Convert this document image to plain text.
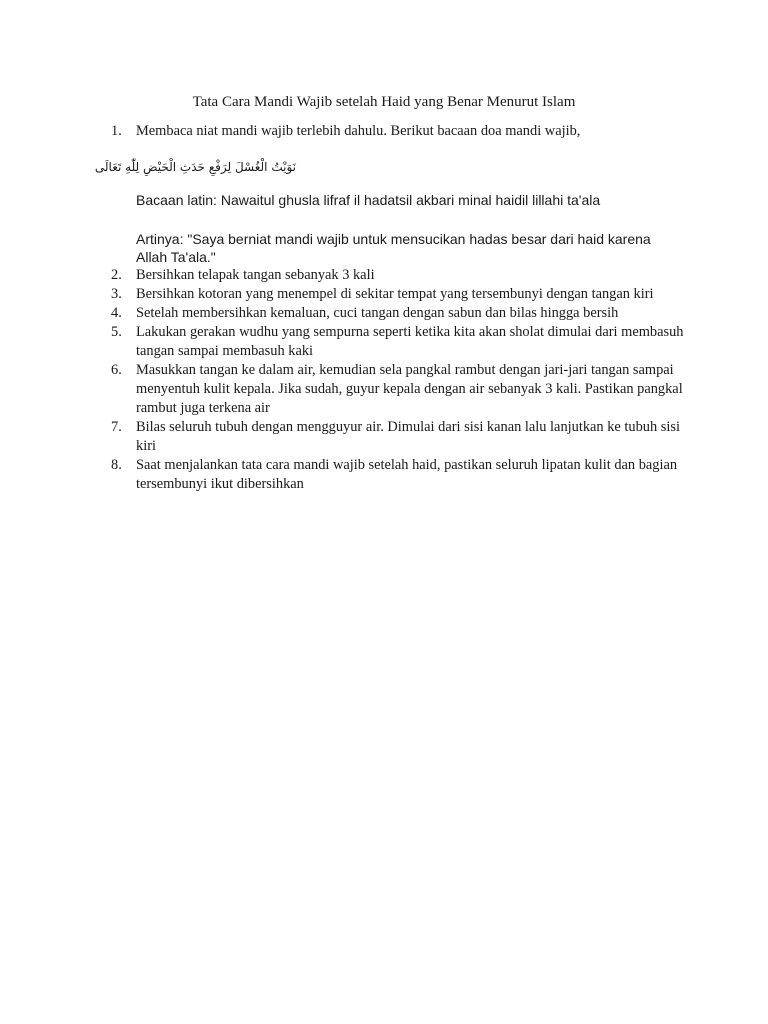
Tata Cara Mandi Wajib setelah Haid yang Benar Menurut Islam
1. Membaca niat mandi wajib terlebih dahulu. Berikut bacaan doa mandi wajib,

نَوَيْتُ الْغُسْلَ لِرَفْعِ حَدَثِ الْحَيْضِ لِلّٰهِ تَعَالَى

Bacaan latin: Nawaitul ghusla lifraf il hadatsil akbari minal haidil lillahi ta'ala

Artinya: "Saya berniat mandi wajib untuk mensucikan hadas besar dari haid karena Allah Ta'ala."

2. Bersihkan telapak tangan sebanyak 3 kali

3. Bersihkan kotoran yang menempel di sekitar tempat yang tersembunyi dengan tangan kiri

4. Setelah membersihkan kemaluan, cuci tangan dengan sabun dan bilas hingga bersih

5. Lakukan gerakan wudhu yang sempurna seperti ketika kita akan sholat dimulai dari membasuh tangan sampai membasuh kaki

6. Masukkan tangan ke dalam air, kemudian sela pangkal rambut dengan jari-jari tangan sampai menyentuh kulit kepala. Jika sudah, guyur kepala dengan air sebanyak 3 kali. Pastikan pangkal rambut juga terkena air

7. Bilas seluruh tubuh dengan mengguyur air. Dimulai dari sisi kanan lalu lanjutkan ke tubuh sisi kiri

8. Saat menjalankan tata cara mandi wajib setelah haid, pastikan seluruh lipatan kulit dan bagian tersembunyi ikut dibersihkan
